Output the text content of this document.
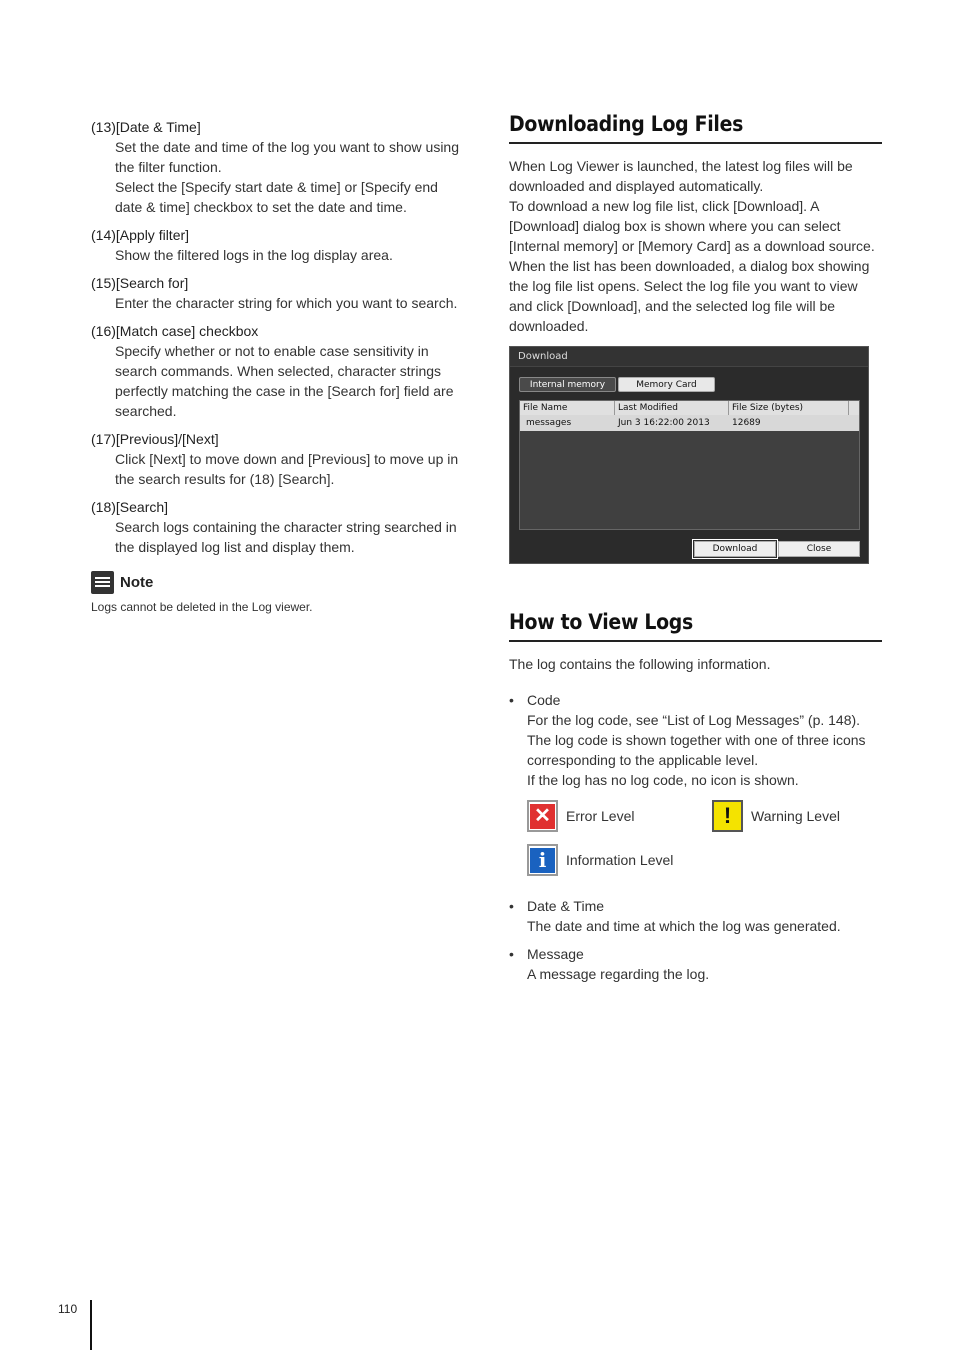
(13)[Date & Time]

Set the date and time of the log you want to show using the filter function.

Select the [Specify start date & time] or [Specify end date & time] checkbox to set the date and time.

(14)[Apply filter]

Show the filtered logs in the log display area.

(15)[Search for]

Enter the character string for which you want to search.

(16)[Match case] checkbox

Specify whether or not to enable case sensitivity in search commands. When selected, character strings perfectly matching the case in the [Search for] field are searched.

(17)[Previous]/[Next]

Click [Next] to move down and [Previous] to move up in the search results for (18) [Search].

(18)[Search]

Search logs containing the character string searched in the displayed log list and display them.

Note
Logs cannot be deleted in the Log viewer.
Downloading Log Files

When Log Viewer is launched, the latest log files will be downloaded and displayed automatically.

To download a new log file list, click [Download]. A [Download] dialog box is shown where you can select [Internal memory] or [Memory Card] as a download source.

When the list has been downloaded, a dialog box showing the log file list opens. Select the log file you want to view and click [Download], and the selected log file will be downloaded.

Download
Internal memory	Memory Card
File Name	Last Modified	File Size (bytes)
messages	Jun 3 16:22:00 2013	12689
Download	Close
How to View Logs
The log contains the following information.
• Code

For the log code, see “List of Log Messages” (p. 148).

The log code is shown together with one of three icons corresponding to the applicable level.

If the log has no log code, no icon is shown.

✕ Error Level	!	Warning Level
i	Information Level
• Date & Time

The date and time at which the log was generated.

• Message

A message regarding the log.

110
